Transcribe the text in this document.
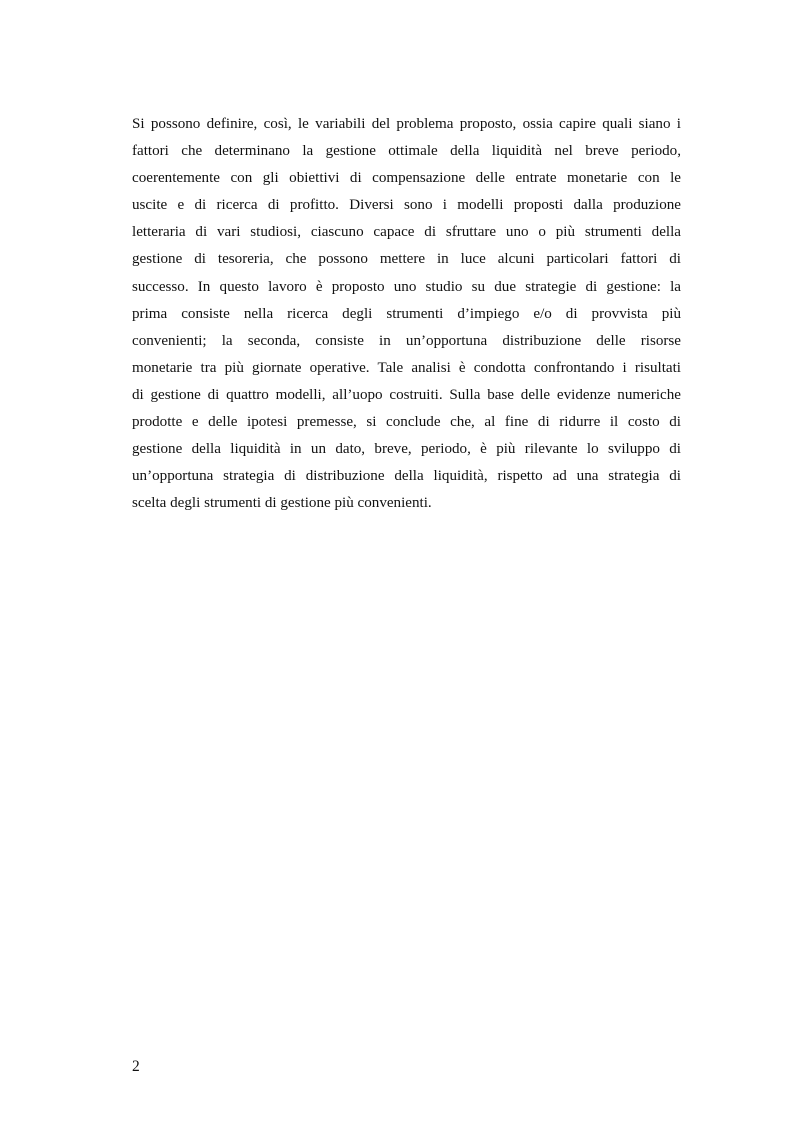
Si possono definire, così, le variabili del problema proposto, ossia capire quali siano i
fattori che determinano la gestione ottimale della liquidità nel breve periodo,
coerentemente con gli obiettivi di compensazione delle entrate monetarie con le
uscite e di ricerca di profitto. Diversi sono i modelli proposti dalla produzione
letteraria di vari studiosi, ciascuno capace di sfruttare uno o più strumenti della
gestione di tesoreria, che possono mettere in luce alcuni particolari fattori di
successo. In questo lavoro è proposto uno studio su due strategie di gestione: la
prima consiste nella ricerca degli strumenti d’impiego e/o di provvista più
convenienti; la seconda, consiste in un’opportuna distribuzione delle risorse
monetarie tra più giornate operative. Tale analisi è condotta confrontando i risultati
di gestione di quattro modelli, all’uopo costruiti. Sulla base delle evidenze numeriche
prodotte e delle ipotesi premesse, si conclude che, al fine di ridurre il costo di
gestione della liquidità in un dato, breve, periodo, è più rilevante lo sviluppo di
un’opportuna strategia di distribuzione della liquidità, rispetto ad una strategia di
scelta degli strumenti di gestione più convenienti.

2
